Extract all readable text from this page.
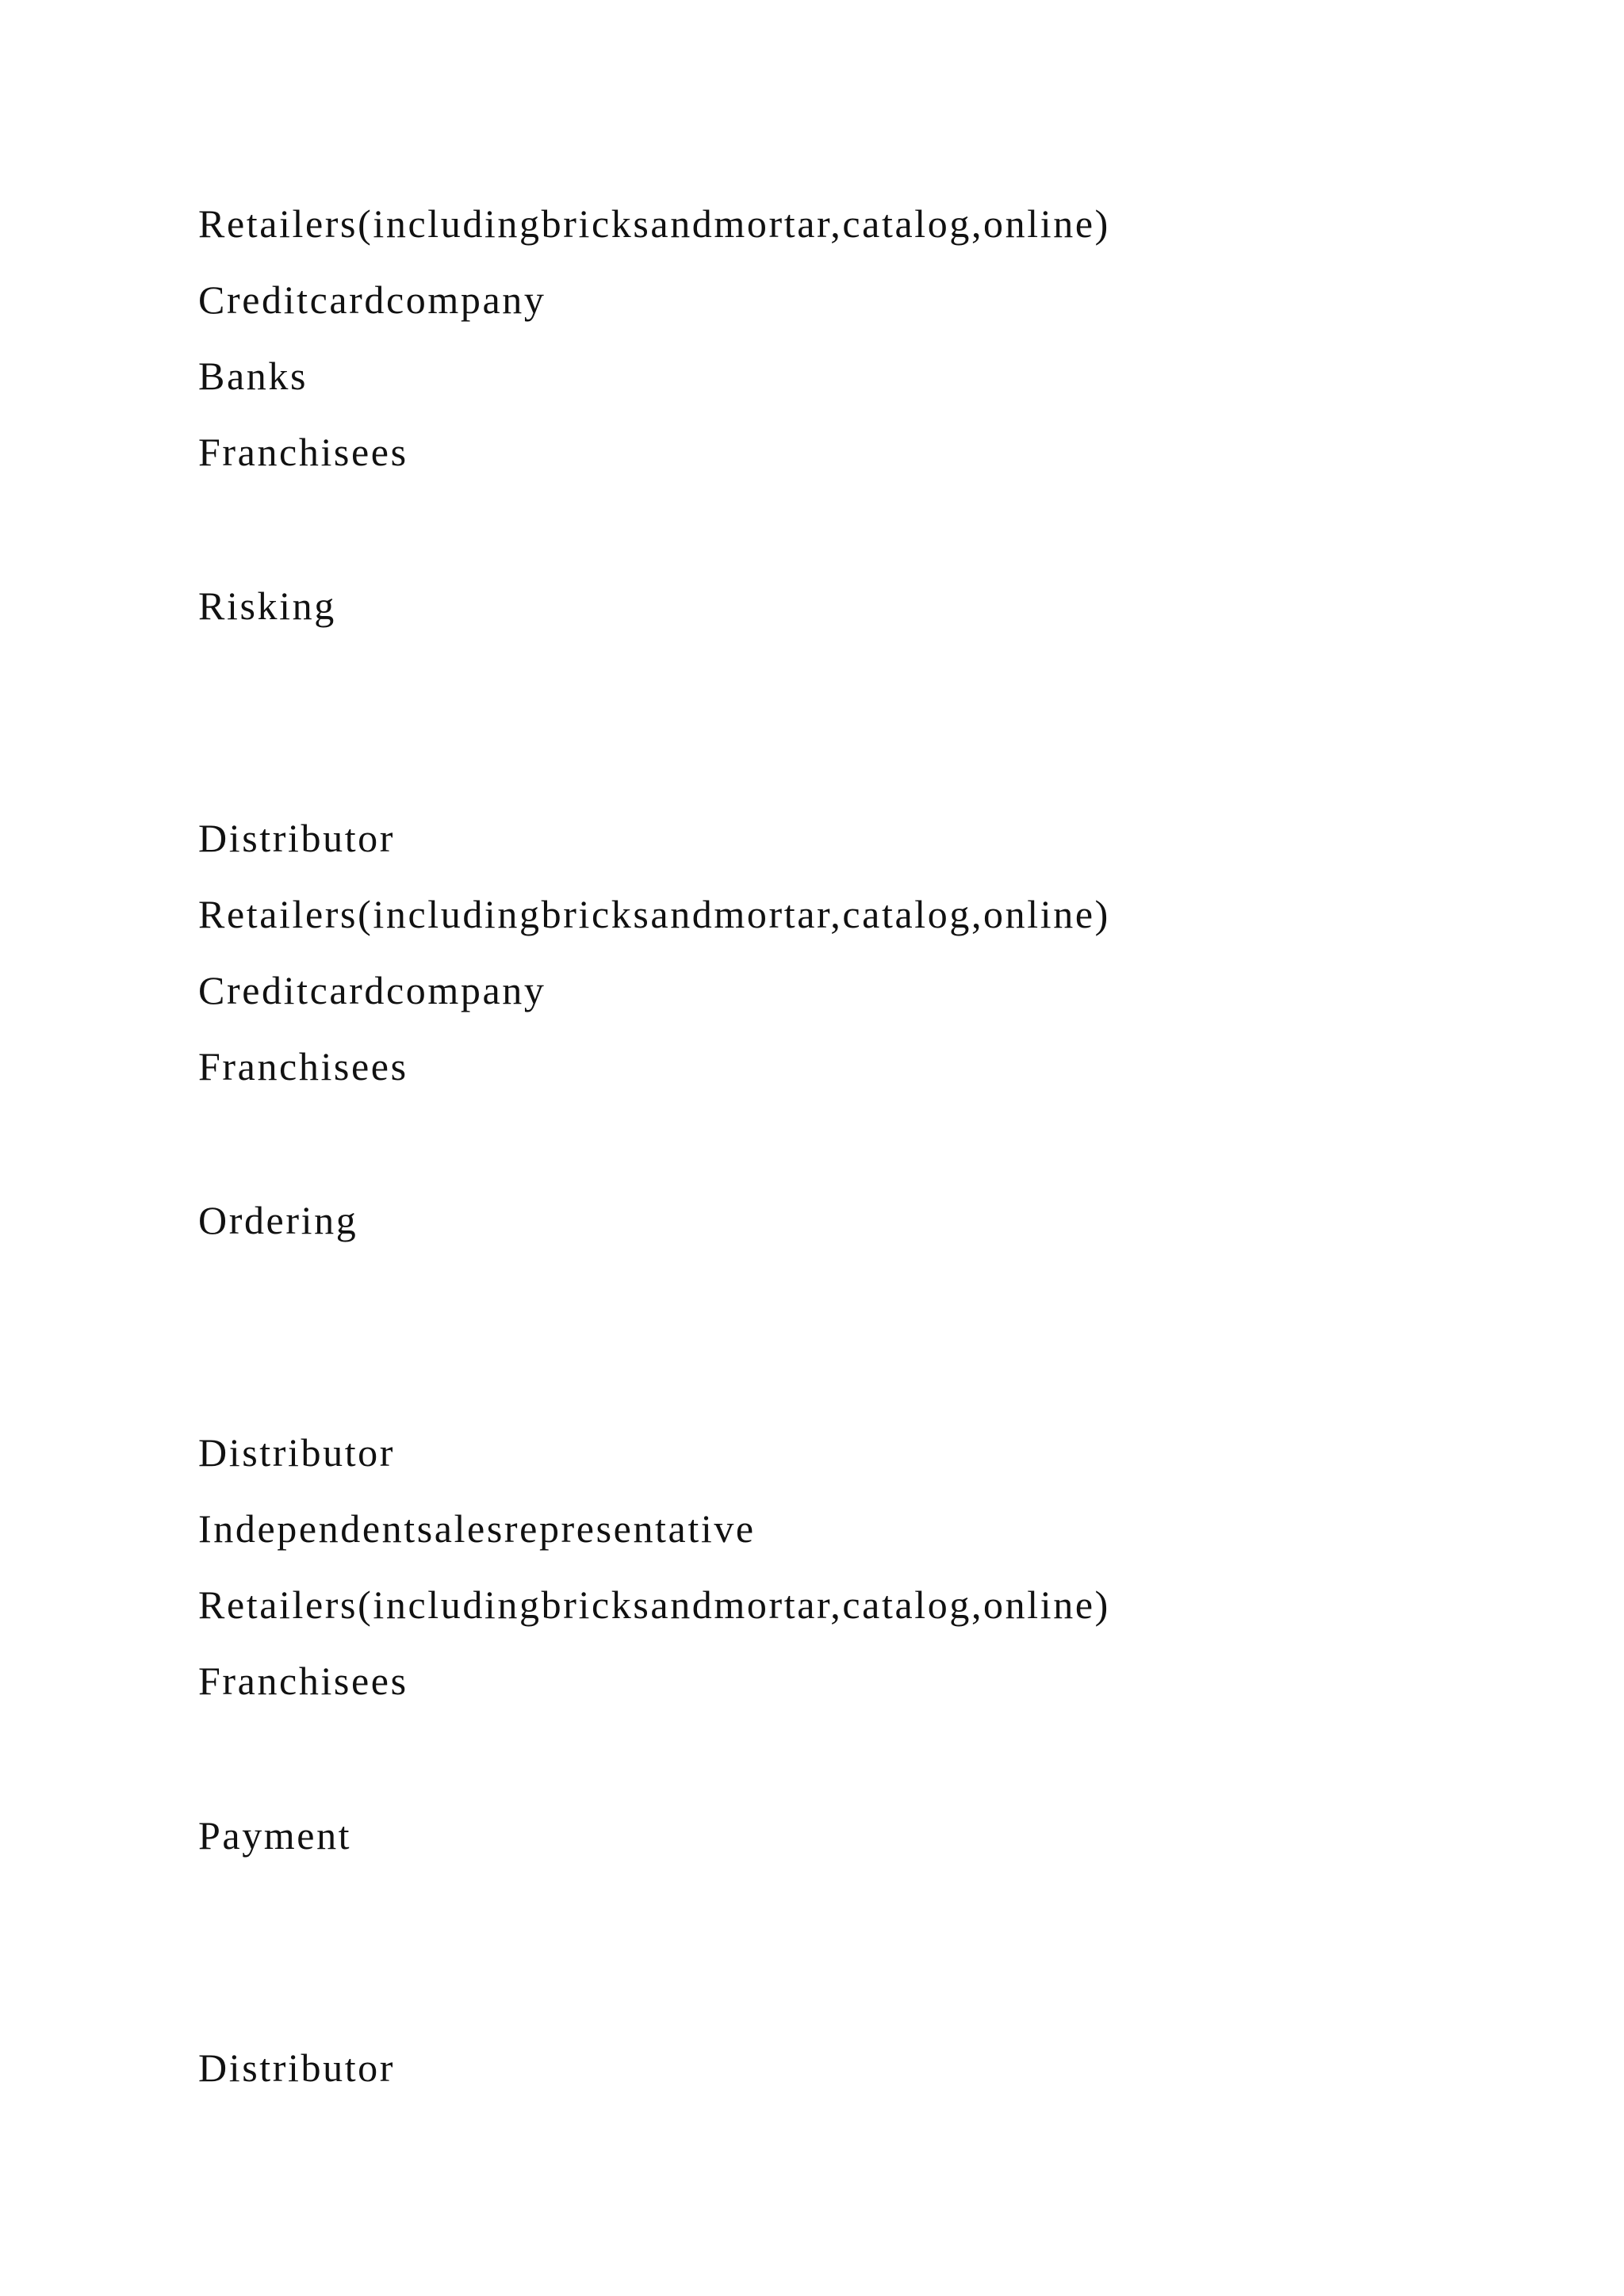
Retailers(includingbricksandmortar,catalog,online)

Creditcardcompany

Banks

Franchisees

Risking

Distributor

Retailers(includingbricksandmortar,catalog,online)

Creditcardcompany

Franchisees

Ordering

Distributor

Independentsalesrepresentative

Retailers(includingbricksandmortar,catalog,online)

Franchisees

Payment

Distributor
